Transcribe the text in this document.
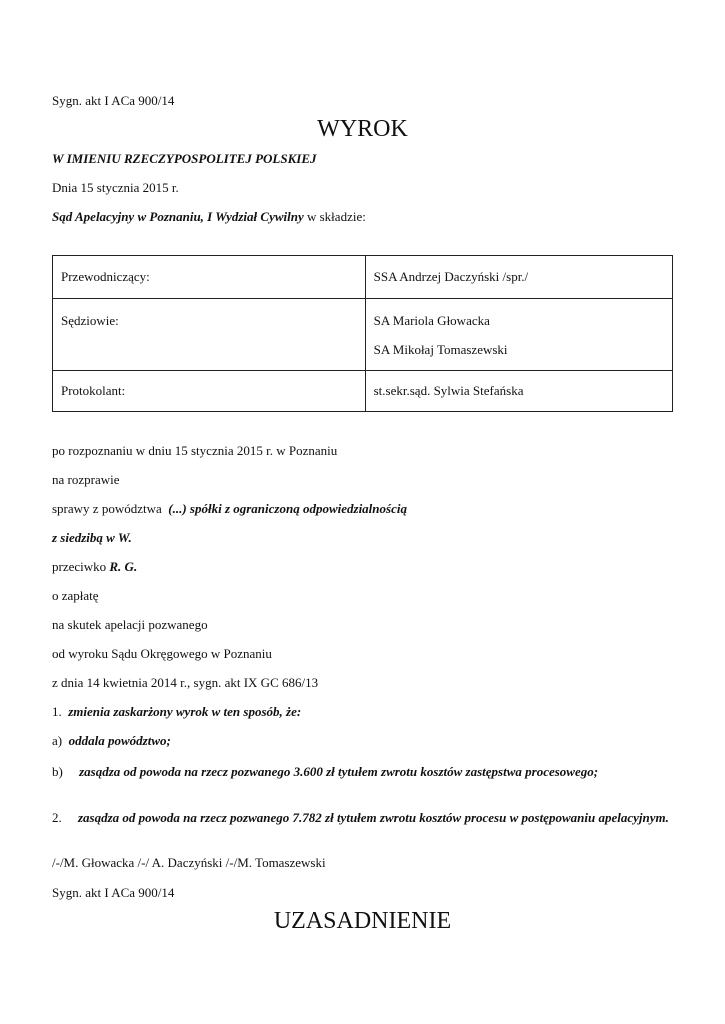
Sygn. akt I ACa 900/14
WYROK
W IMIENIU RZECZYPOSPOLITEJ POLSKIEJ
Dnia 15 stycznia 2015 r.
Sąd Apelacyjny w Poznaniu, I Wydział Cywilny w składzie:
Przewodniczący:	SSA Andrzej Daczyński /spr./

Sędziowie:	SA Mariola Głowacka
SA Mikołaj Tomaszewski

Protokolant:	st.sekr.sąd. Sylwia Stefańska
po rozpoznaniu w dniu 15 stycznia 2015 r. w Poznaniu
na rozprawie
sprawy z powództwa (...) spółki z ograniczoną odpowiedzialnością
z siedzibą w W.
przeciwko R. G.
o zapłatę
na skutek apelacji pozwanego
od wyroku Sądu Okręgowego w Poznaniu
z dnia 14 kwietnia 2014 r., sygn. akt IX GC 686/13
1. zmienia zaskarżony wyrok w ten sposób, że:
a) oddala powództwo;
b) zasądza od powoda na rzecz pozwanego 3.600 zł tytułem zwrotu kosztów zastępstwa procesowego;
2. zasądza od powoda na rzecz pozwanego 7.782 zł tytułem zwrotu kosztów procesu w postępowaniu apelacyjnym.
/-/M. Głowacka /-/ A. Daczyński /-/M. Tomaszewski
Sygn. akt I ACa 900/14
UZASADNIENIE
